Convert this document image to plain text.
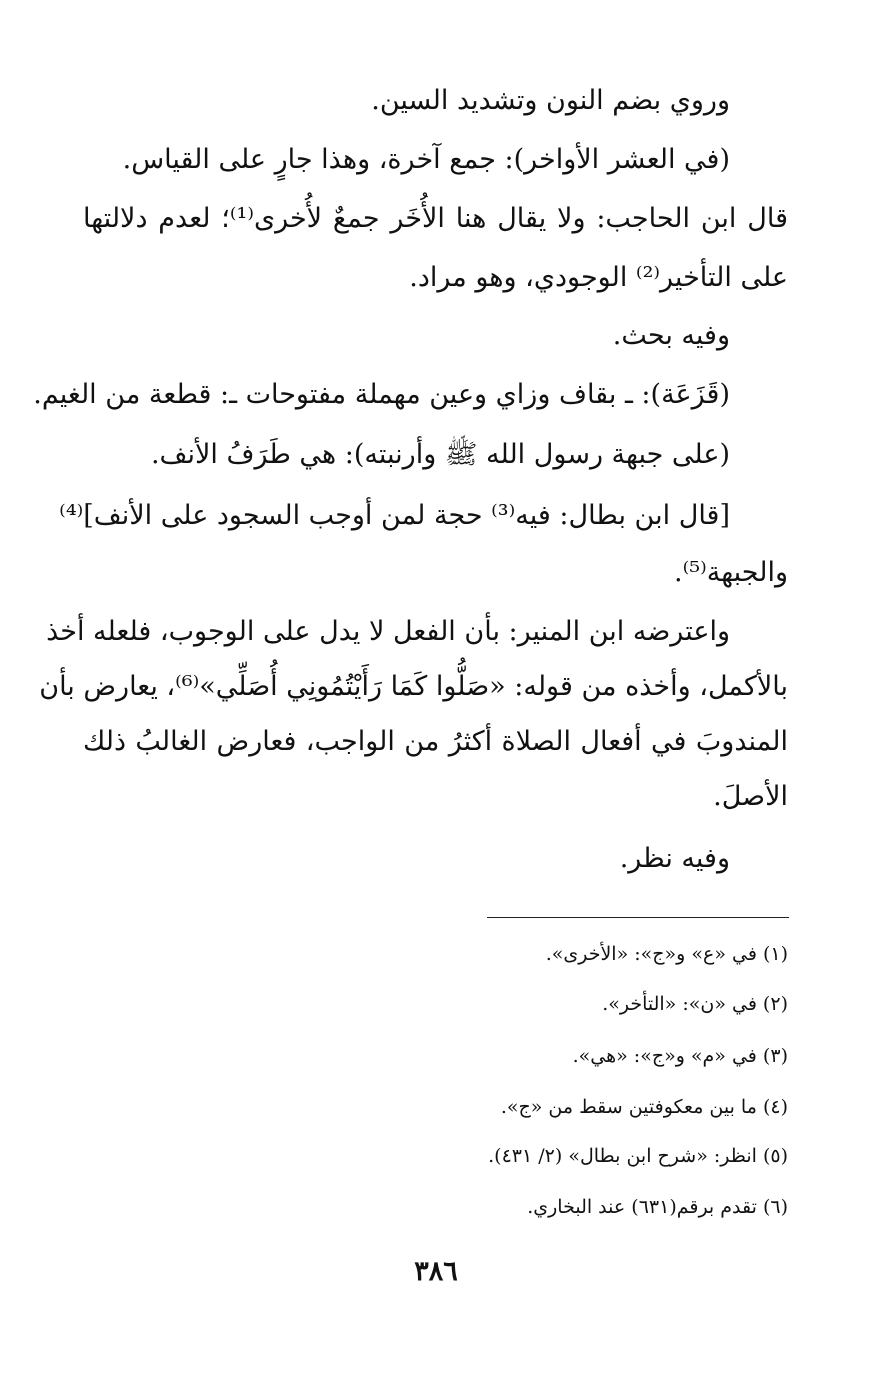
وروي بضم النون وتشديد السين.
(في العشر الأواخر): جمع آخرة، وهذا جارٍ على القياس.
قال ابن الحاجب: ولا يقال هنا الأُخَر جمعٌ لأُخرى⁽¹⁾؛ لعدم دلالتها
على التأخير⁽²⁾ الوجودي، وهو مراد.
وفيه بحث.
(قَزَعَة): ـ بقاف وزاي وعين مهملة مفتوحات ـ: قطعة من الغيم.
(على جبهة رسول الله ﷺ وأرنبته): هي طَرَفُ الأنف.
[قال ابن بطال: فيه⁽³⁾ حجة لمن أوجب السجود على الأنف]⁽⁴⁾
والجبهة⁽⁵⁾.
واعترضه ابن المنير: بأن الفعل لا يدل على الوجوب، فلعله أخذ
بالأكمل، وأخذه من قوله: «صَلُّوا كَمَا رَأَيْتُمُونِي أُصَلِّي»⁽⁶⁾، يعارض بأن
المندوبَ في أفعال الصلاة أكثرُ من الواجب، فعارض الغالبُ ذلك
الأصلَ.
وفيه نظر.
(١) في «ع» و«ج»: «الأخرى».
(٢) في «ن»: «التأخر».
(٣) في «م» و«ج»: «هي».
(٤) ما بين معكوفتين سقط من «ج».
(٥) انظر: «شرح ابن بطال» (٢/ ٤٣١).
(٦) تقدم برقم(٦٣١) عند البخاري.
٣٨٦
